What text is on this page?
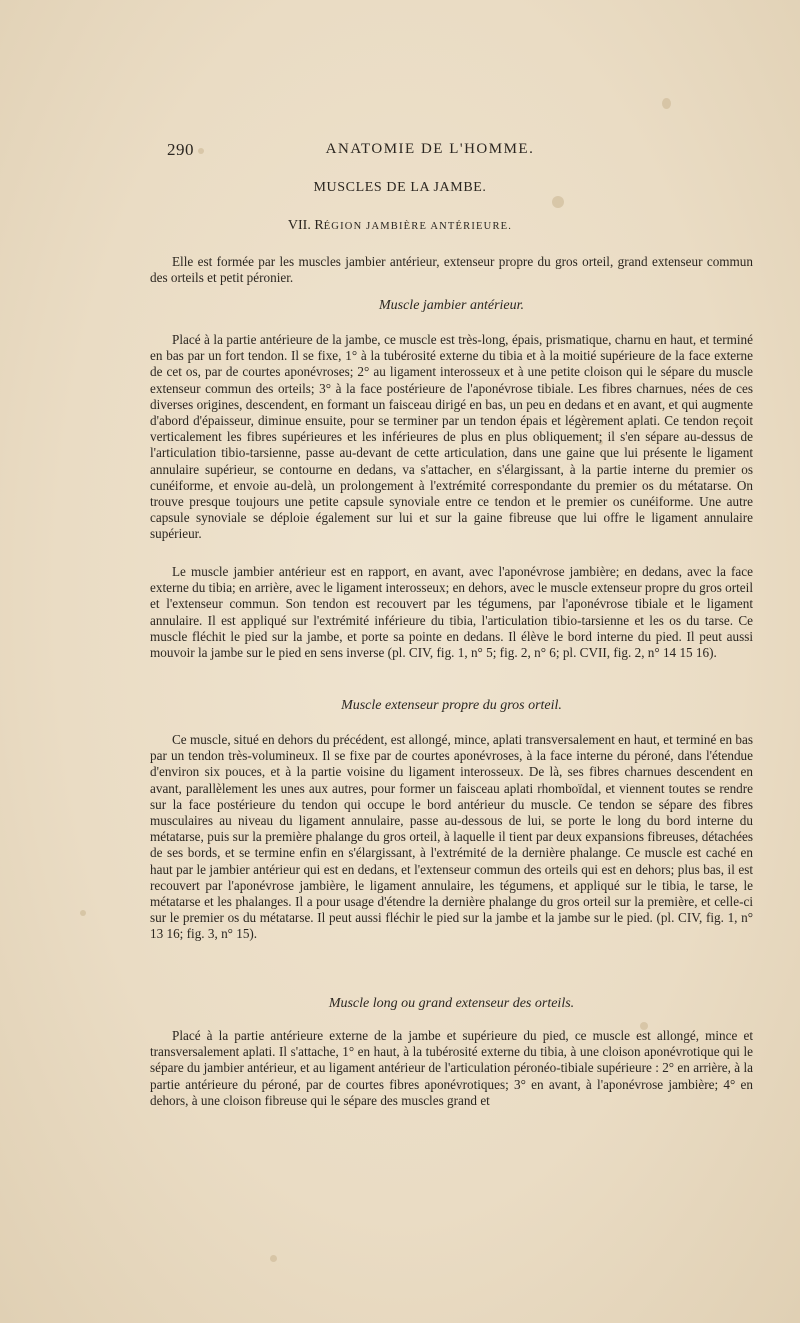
290	ANATOMIE DE L'HOMME.
MUSCLES DE LA JAMBE.
VII. RÉGION JAMBIÈRE ANTÉRIEURE.

Elle est formée par les muscles jambier antérieur, extenseur propre du gros orteil, grand extenseur commun des orteils et petit péronier.

Muscle jambier antérieur.

Placé à la partie antérieure de la jambe, ce muscle est très-long, épais, prismatique, charnu en haut, et terminé en bas par un fort tendon. Il se fixe, 1° à la tubérosité externe du tibia et à la moitié supérieure de la face externe de cet os, par de courtes aponévroses; 2° au ligament interosseux et à une petite cloison qui le sépare du muscle extenseur commun des orteils; 3° à la face postérieure de l'aponévrose tibiale. Les fibres charnues, nées de ces diverses origines, descendent, en formant un faisceau dirigé en bas, un peu en dedans et en avant, et qui augmente d'abord d'épaisseur, diminue ensuite, pour se terminer par un tendon épais et légèrement aplati. Ce tendon reçoit verticalement les fibres supérieures et les inférieures de plus en plus obliquement; il s'en sépare au-dessus de l'articulation tibio-tarsienne, passe au-devant de cette articulation, dans une gaine que lui présente le ligament annulaire supérieur, se contourne en dedans, va s'attacher, en s'élargissant, à la partie interne du premier os cunéiforme, et envoie au-delà, un prolongement à l'extrémité correspondante du premier os du métatarse. On trouve presque toujours une petite capsule synoviale entre ce tendon et le premier os cunéiforme. Une autre capsule synoviale se déploie également sur lui et sur la gaine fibreuse que lui offre le ligament annulaire supérieur.

Le muscle jambier antérieur est en rapport, en avant, avec l'aponévrose jambière; en dedans, avec la face externe du tibia; en arrière, avec le ligament interosseux; en dehors, avec le muscle extenseur propre du gros orteil et l'extenseur commun. Son tendon est recouvert par les tégumens, par l'aponévrose tibiale et le ligament annulaire. Il est appliqué sur l'extrémité inférieure du tibia, l'articulation tibio-tarsienne et les os du tarse. Ce muscle fléchit le pied sur la jambe, et porte sa pointe en dedans. Il élève le bord interne du pied. Il peut aussi mouvoir la jambe sur le pied en sens inverse (pl. CIV, fig. 1, n° 5; fig. 2, n° 6; pl. CVII, fig. 2, n° 14 15 16).

Muscle extenseur propre du gros orteil.

Ce muscle, situé en dehors du précédent, est allongé, mince, aplati transversalement en haut, et terminé en bas par un tendon très-volumineux. Il se fixe par de courtes aponévroses, à la face interne du péroné, dans l'étendue d'environ six pouces, et à la partie voisine du ligament interosseux. De là, ses fibres charnues descendent en avant, parallèlement les unes aux autres, pour former un faisceau aplati rhomboïdal, et viennent toutes se rendre sur la face postérieure du tendon qui occupe le bord antérieur du muscle. Ce tendon se sépare des fibres musculaires au niveau du ligament annulaire, passe au-dessous de lui, se porte le long du bord interne du métatarse, puis sur la première phalange du gros orteil, à laquelle il tient par deux expansions fibreuses, détachées de ses bords, et se termine enfin en s'élargissant, à l'extrémité de la dernière phalange. Ce muscle est caché en haut par le jambier antérieur qui est en dedans, et l'extenseur commun des orteils qui est en dehors; plus bas, il est recouvert par l'aponévrose jambière, le ligament annulaire, les tégumens, et appliqué sur le tibia, le tarse, le métatarse et les phalanges. Il a pour usage d'étendre la dernière phalange du gros orteil sur la première, et celle-ci sur le premier os du métatarse. Il peut aussi fléchir le pied sur la jambe et la jambe sur le pied. (pl. CIV, fig. 1, n° 13 16; fig. 3, n° 15).

Muscle long ou grand extenseur des orteils.

Placé à la partie antérieure externe de la jambe et supérieure du pied, ce muscle est allongé, mince et transversalement aplati. Il s'attache, 1° en haut, à la tubérosité externe du tibia, à une cloison aponévrotique qui le sépare du jambier antérieur, et au ligament antérieur de l'articulation péronéo-tibiale supérieure : 2° en arrière, à la partie antérieure du péroné, par de courtes fibres aponévrotiques; 3° en avant, à l'aponévrose jambière; 4° en dehors, à une cloison fibreuse qui le sépare des muscles grand et
